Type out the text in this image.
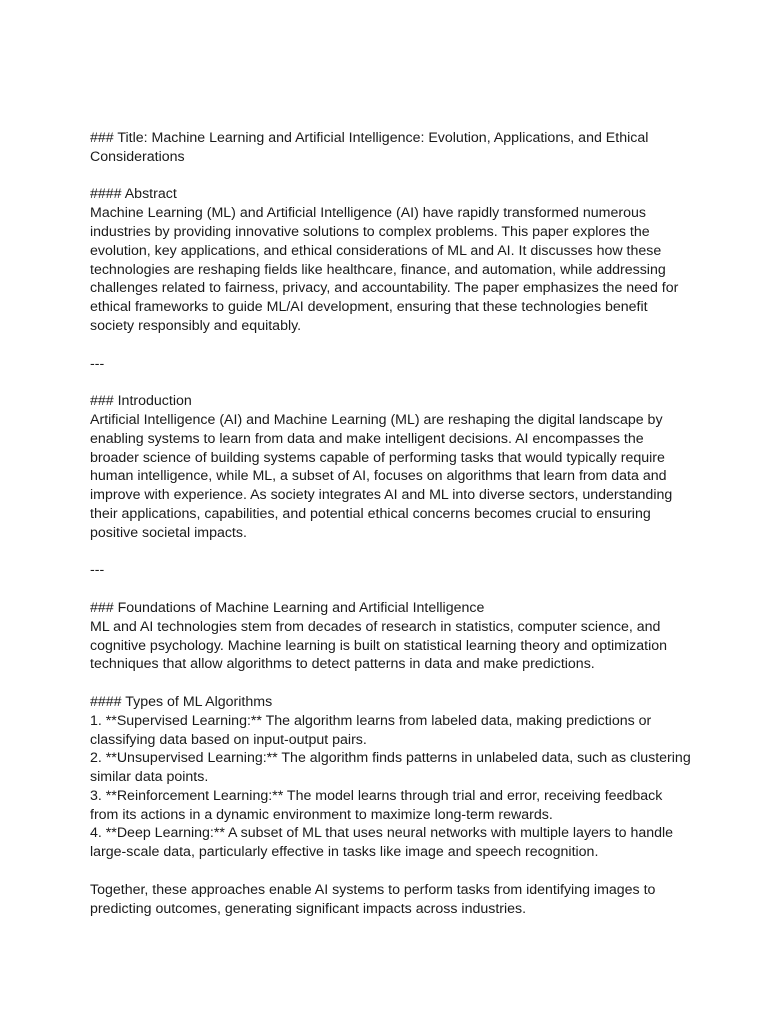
### Title: Machine Learning and Artificial Intelligence: Evolution, Applications, and Ethical
Considerations
#### Abstract
Machine Learning (ML) and Artificial Intelligence (AI) have rapidly transformed numerous
industries by providing innovative solutions to complex problems. This paper explores the
evolution, key applications, and ethical considerations of ML and AI. It discusses how these
technologies are reshaping fields like healthcare, finance, and automation, while addressing
challenges related to fairness, privacy, and accountability. The paper emphasizes the need for
ethical frameworks to guide ML/AI development, ensuring that these technologies benefit
society responsibly and equitably.
---
### Introduction
Artificial Intelligence (AI) and Machine Learning (ML) are reshaping the digital landscape by
enabling systems to learn from data and make intelligent decisions. AI encompasses the
broader science of building systems capable of performing tasks that would typically require
human intelligence, while ML, a subset of AI, focuses on algorithms that learn from data and
improve with experience. As society integrates AI and ML into diverse sectors, understanding
their applications, capabilities, and potential ethical concerns becomes crucial to ensuring
positive societal impacts.
---
### Foundations of Machine Learning and Artificial Intelligence
ML and AI technologies stem from decades of research in statistics, computer science, and
cognitive psychology. Machine learning is built on statistical learning theory and optimization
techniques that allow algorithms to detect patterns in data and make predictions.
#### Types of ML Algorithms
1. **Supervised Learning:** The algorithm learns from labeled data, making predictions or
classifying data based on input-output pairs.
2. **Unsupervised Learning:** The algorithm finds patterns in unlabeled data, such as clustering
similar data points.
3. **Reinforcement Learning:** The model learns through trial and error, receiving feedback
from its actions in a dynamic environment to maximize long-term rewards.
4. **Deep Learning:** A subset of ML that uses neural networks with multiple layers to handle
large-scale data, particularly effective in tasks like image and speech recognition.
Together, these approaches enable AI systems to perform tasks from identifying images to
predicting outcomes, generating significant impacts across industries.
